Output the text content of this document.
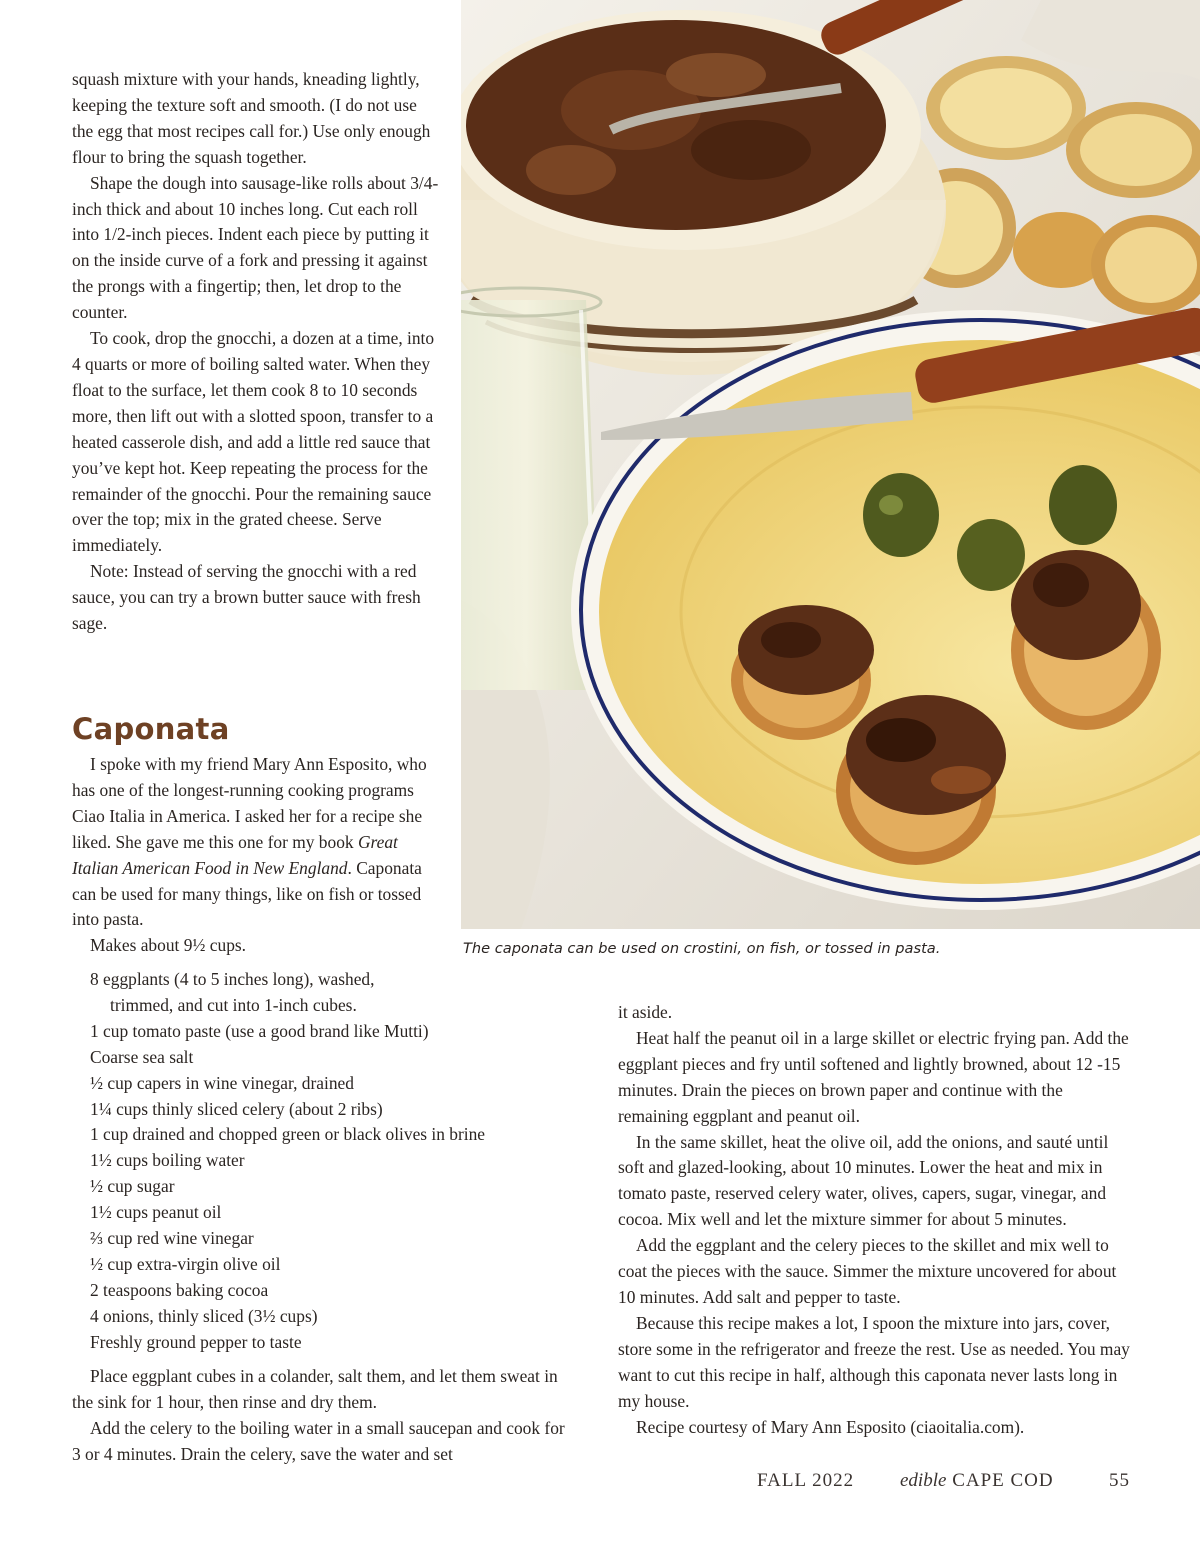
squash mixture with your hands, kneading lightly, keeping the texture soft and smooth. (I do not use the egg that most recipes call for.) Use only enough flour to bring the squash together.

Shape the dough into sausage-like rolls about 3/4-inch thick and about 10 inches long. Cut each roll into 1/2-inch pieces. Indent each piece by putting it on the inside curve of a fork and pressing it against the prongs with a fingertip; then, let drop to the counter.

To cook, drop the gnocchi, a dozen at a time, into 4 quarts or more of boiling salted water. When they float to the surface, let them cook 8 to 10 seconds more, then lift out with a slotted spoon, transfer to a heated casserole dish, and add a little red sauce that you’ve kept hot. Keep repeating the process for the remainder of the gnocchi. Pour the remaining sauce over the top; mix in the grated cheese. Serve immediately.

Note: Instead of serving the gnocchi with a red sauce, you can try a brown butter sauce with fresh sage.

Caponata

I spoke with my friend Mary Ann Esposito, who has one of the longest-running cooking programs Ciao Italia in America. I asked her for a recipe she liked. She gave me this one for my book Great Italian American Food in New England. Caponata can be used for many things, like on fish or tossed into pasta.

Makes about 9½ cups.	The caponata can be used on crostini, on fish, or tossed in pasta.

8 eggplants (4 to 5 inches long), washed, trimmed, and cut into 1-inch cubes.
1 cup tomato paste (use a good brand like Mutti)
Coarse sea salt
½ cup capers in wine vinegar, drained
1¼ cups thinly sliced celery (about 2 ribs)
1 cup drained and chopped green or black olives in brine
1½ cups boiling water
½ cup sugar
1½ cups peanut oil
⅔ cup red wine vinegar
½ cup extra-virgin olive oil
2 teaspoons baking cocoa
4 onions, thinly sliced (3½ cups)
Freshly ground pepper to taste

Place eggplant cubes in a colander, salt them, and let them sweat in the sink for 1 hour, then rinse and dry them.

Add the celery to the boiling water in a small saucepan and cook for 3 or 4 minutes. Drain the celery, save the water and set

it aside.

Heat half the peanut oil in a large skillet or electric frying pan. Add the eggplant pieces and fry until softened and lightly browned, about 12 -15 minutes. Drain the pieces on brown paper and continue with the remaining eggplant and peanut oil.

In the same skillet, heat the olive oil, add the onions, and sauté until soft and glazed-looking, about 10 minutes. Lower the heat and mix in tomato paste, reserved celery water, olives, capers, sugar, vinegar, and cocoa. Mix well and let the mixture simmer for about 5 minutes.

Add the eggplant and the celery pieces to the skillet and mix well to coat the pieces with the sauce. Simmer the mixture uncovered for about 10 minutes. Add salt and pepper to taste.

Because this recipe makes a lot, I spoon the mixture into jars, cover, store some in the refrigerator and freeze the rest. Use as needed. You may want to cut this recipe in half, although this caponata never lasts long in my house.

Recipe courtesy of Mary Ann Esposito (ciaoitalia.com).

FALL 2022 edible CAPE COD	55
